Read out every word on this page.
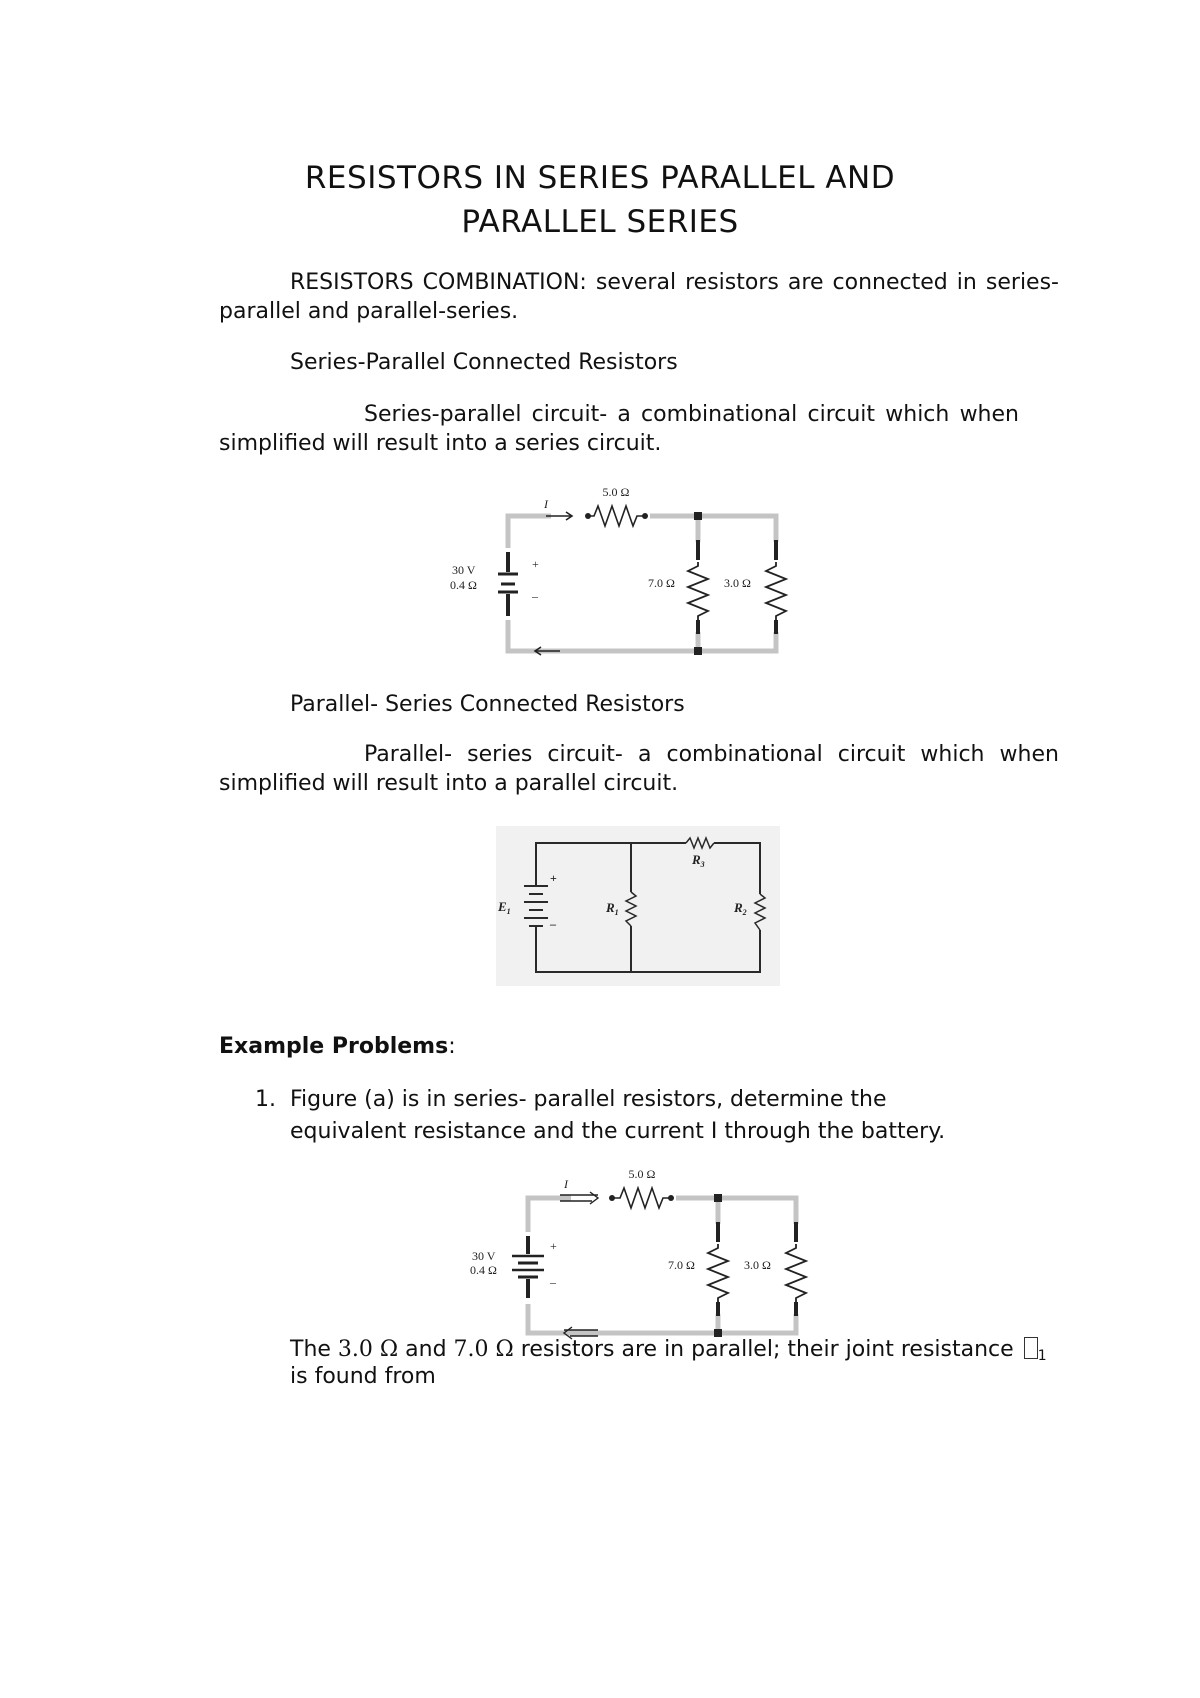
RESISTORS IN SERIES PARALLEL AND
PARALLEL SERIES
RESISTORS COMBINATION: several resistors are connected in series-parallel and parallel-series.
Series-Parallel Connected Resistors
Series-parallel circuit- a combinational circuit which when simplified will result into a series circuit.
I
5.0 Ω
30 V
0.4 Ω
+
–
7.0 Ω	3.0 Ω
Parallel- Series Connected Resistors
Parallel- series circuit- a combinational circuit which when simplified will result into a parallel circuit.
+
–
$E_1$	$R_1$	$R_2$
$R_3$
Example Problems:
1. Figure (a) is in series- parallel resistors, determine the
equivalent resistance and the current I through the battery.
I
5.0 Ω
30 V
0.4 Ω
+
–
7.0 Ω	3.0 Ω
The 3.0 Ω and 7.0 Ω resistors are in parallel; their joint resistance $_1$
is found from
